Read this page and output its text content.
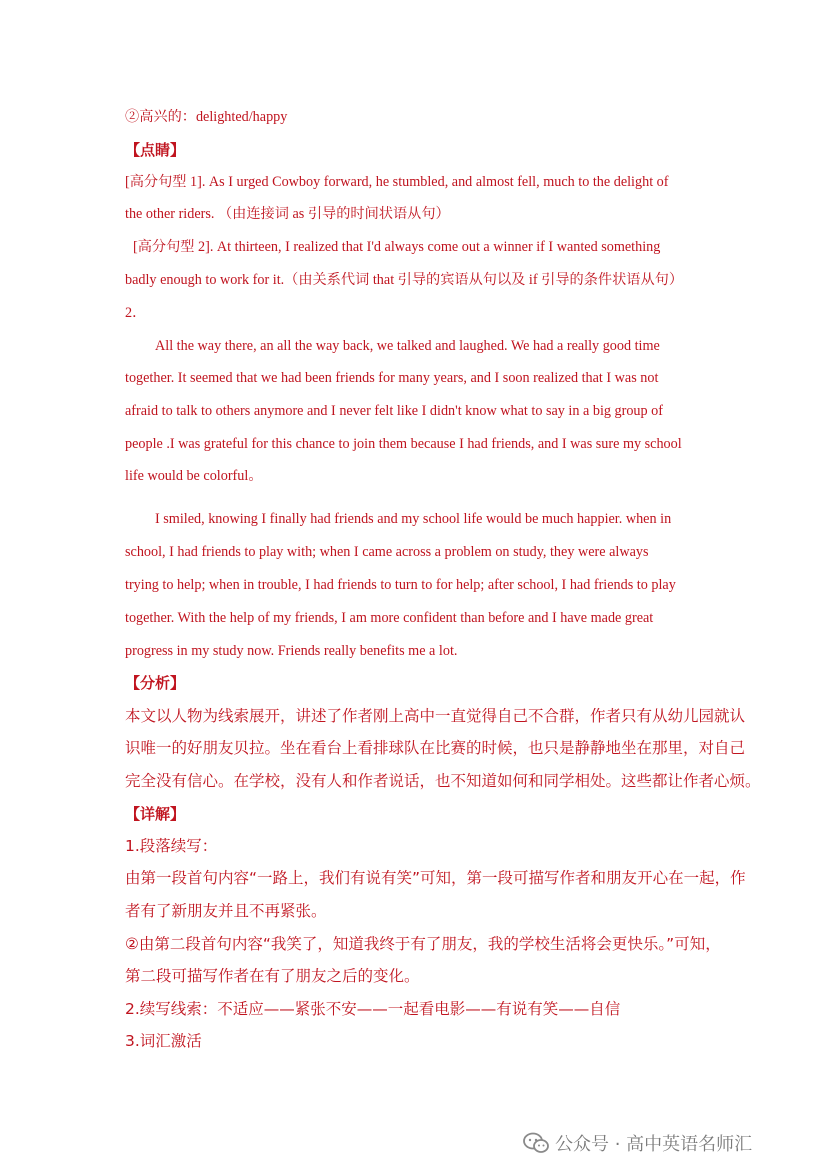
②高兴的：delighted/happy
【点睛】
[高分句型 1]. As I urged Cowboy forward, he stumbled, and almost fell, much to the delight of
the other riders. （由连接词 as 引导的时间状语从句）
[高分句型 2]. At thirteen, I realized that I'd always come out a winner if I wanted something
badly enough to work for it.（由关系代词 that 引导的宾语从句以及 if 引导的条件状语从句）
2．
All the way there, an all the way back, we talked and laughed. We had a really good time
together. It seemed that we had been friends for many years, and I soon realized that I was not
afraid to talk to others anymore and I never felt like I didn't know what to say in a big group of
people .I was grateful for this chance to join them because I had friends, and I was sure my school
life would be colorful。
I smiled, knowing I finally had friends and my school life would be much happier. when in
school, I had friends to play with; when I came across a problem on study, they were always
trying to help; when in trouble, I had friends to turn to for help; after school, I had friends to play
together. With the help of my friends, I am more confident than before and I have made great
progress in my study now. Friends really benefits me a lot.
【分析】
本文以人物为线索展开，讲述了作者刚上高中一直觉得自己不合群，作者只有从幼儿园就认
识唯一的好朋友贝拉。坐在看台上看排球队在比赛的时候，也只是静静地坐在那里，对自己
完全没有信心。在学校，没有人和作者说话，也不知道如何和同学相处。这些都让作者心烦。
【详解】
1.段落续写：
由第一段首句内容“一路上，我们有说有笑”可知，第一段可描写作者和朋友开心在一起，作
者有了新朋友并且不再紧张。
②由第二段首句内容“我笑了，知道我终于有了朋友，我的学校生活将会更快乐。”可知，
第二段可描写作者在有了朋友之后的变化。
2.续写线索：不适应——紧张不安——一起看电影——有说有笑——自信
3.词汇激活
公众号 · 高中英语名师汇
